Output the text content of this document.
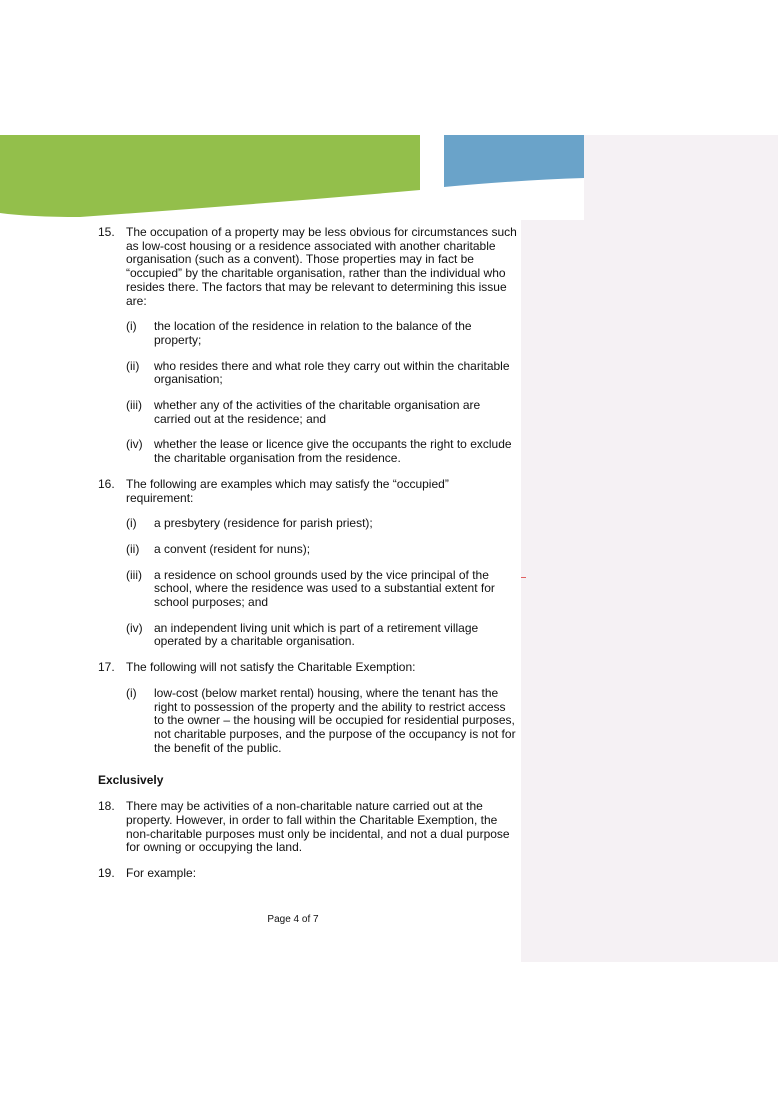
15. The occupation of a property may be less obvious for circumstances such as low-cost housing or a residence associated with another charitable organisation (such as a convent). Those properties may in fact be “occupied” by the charitable organisation, rather than the individual who resides there. The factors that may be relevant to determining this issue are:
(i)	the location of the residence in relation to the balance of the property;
(ii)	who resides there and what role they carry out within the charitable organisation;
(iii)	whether any of the activities of the charitable organisation are carried out at the residence; and
(iv) whether the lease or licence give the occupants the right to exclude the charitable organisation from the residence.
16. The following are examples which may satisfy the “occupied” requirement:
(i)	a presbytery (residence for parish priest);
(ii)	a convent (resident for nuns);
(iii)	a residence on school grounds used by the vice principal of the school, where the residence was used to a substantial extent for school purposes; and
(iv) an independent living unit which is part of a retirement village operated by a charitable organisation.
17. The following will not satisfy the Charitable Exemption:
(i)	low-cost (below market rental) housing, where the tenant has the right to possession of the property and the ability to restrict access to the owner – the housing will be occupied for residential purposes, not charitable purposes, and the purpose of the occupancy is not for the benefit of the public.
Exclusively
18. There may be activities of a non-charitable nature carried out at the property. However, in order to fall within the Charitable Exemption, the non-charitable purposes must only be incidental, and not a dual purpose for owning or occupying the land.
19. For example:
Page 4 of 7
